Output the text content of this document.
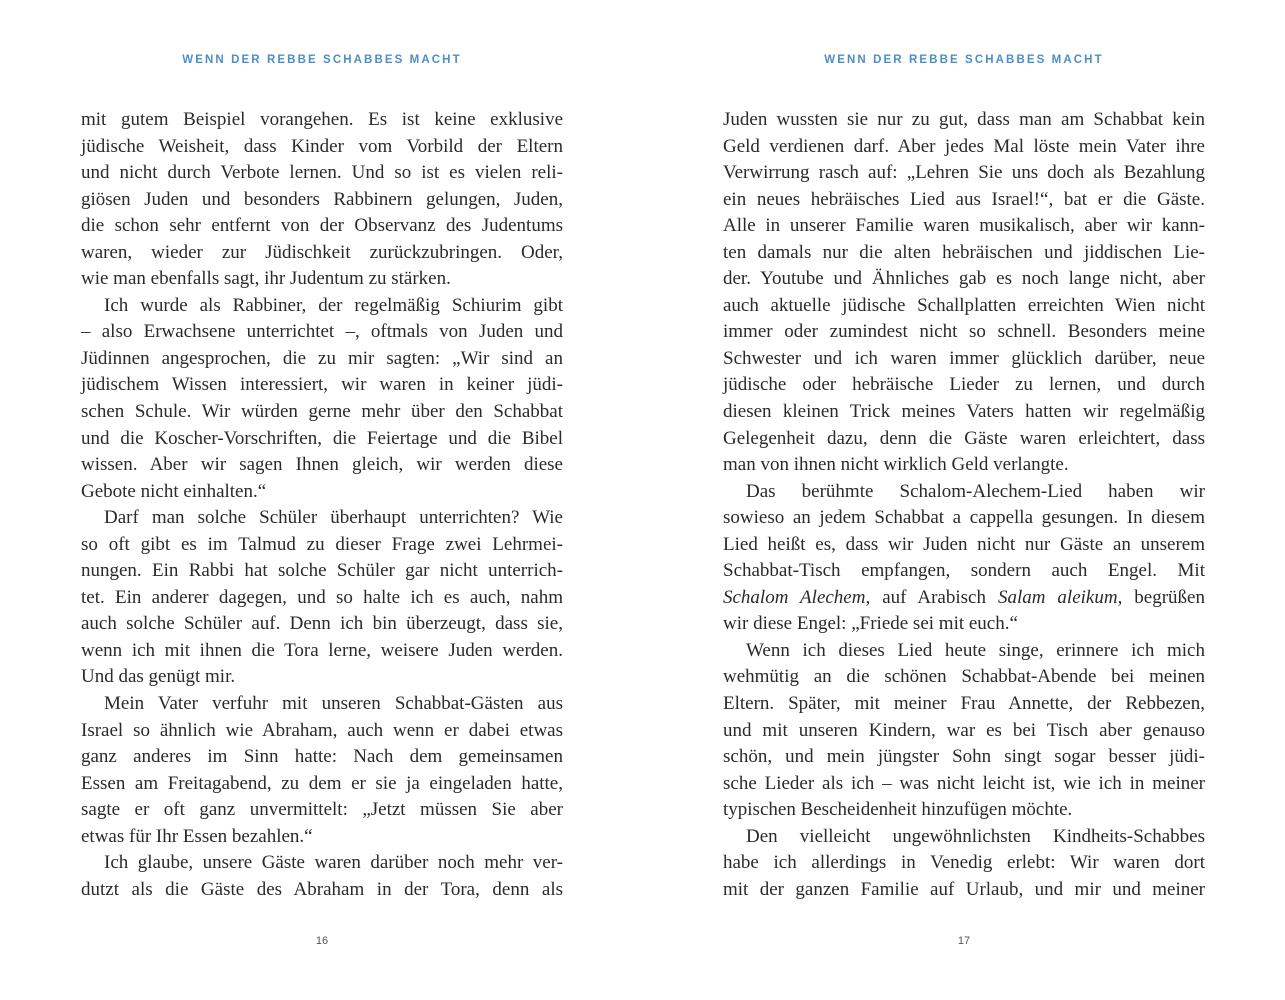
WENN DER REBBE SCHABBES MACHT
mit gutem Beispiel vorangehen. Es ist keine exklusive
jüdische Weisheit, dass Kinder vom Vorbild der Eltern
und nicht durch Verbote lernen. Und so ist es vielen reli-
giösen Juden und besonders Rabbinern gelungen, Juden,
die schon sehr entfernt von der Observanz des Judentums
waren, wieder zur Jüdischkeit zurückzubringen. Oder,
wie man ebenfalls sagt, ihr Judentum zu stärken.
Ich wurde als Rabbiner, der regelmäßig Schiurim gibt
– also Erwachsene unterrichtet –, oftmals von Juden und
Jüdinnen angesprochen, die zu mir sagten: „Wir sind an
jüdischem Wissen interessiert, wir waren in keiner jüdi-
schen Schule. Wir würden gerne mehr über den Schabbat
und die Koscher-Vorschriften, die Feiertage und die Bibel
wissen. Aber wir sagen Ihnen gleich, wir werden diese
Gebote nicht einhalten.“
Darf man solche Schüler überhaupt unterrichten? Wie
so oft gibt es im Talmud zu dieser Frage zwei Lehrmei-
nungen. Ein Rabbi hat solche Schüler gar nicht unterrich-
tet. Ein anderer dagegen, und so halte ich es auch, nahm
auch solche Schüler auf. Denn ich bin überzeugt, dass sie,
wenn ich mit ihnen die Tora lerne, weisere Juden werden.
Und das genügt mir.
Mein Vater verfuhr mit unseren Schabbat-Gästen aus
Israel so ähnlich wie Abraham, auch wenn er dabei etwas
ganz anderes im Sinn hatte: Nach dem gemeinsamen
Essen am Freitagabend, zu dem er sie ja eingeladen hatte,
sagte er oft ganz unvermittelt: „Jetzt müssen Sie aber
etwas für Ihr Essen bezahlen.“
Ich glaube, unsere Gäste waren darüber noch mehr ver-
dutzt als die Gäste des Abraham in der Tora, denn als
16
WENN DER REBBE SCHABBES MACHT
Juden wussten sie nur zu gut, dass man am Schabbat kein
Geld verdienen darf. Aber jedes Mal löste mein Vater ihre
Verwirrung rasch auf: „Lehren Sie uns doch als Bezahlung
ein neues hebräisches Lied aus Israel!“, bat er die Gäste.
Alle in unserer Familie waren musikalisch, aber wir kann-
ten damals nur die alten hebräischen und jiddischen Lie-
der. Youtube und Ähnliches gab es noch lange nicht, aber
auch aktuelle jüdische Schallplatten erreichten Wien nicht
immer oder zumindest nicht so schnell. Besonders meine
Schwester und ich waren immer glücklich darüber, neue
jüdische oder hebräische Lieder zu lernen, und durch
diesen kleinen Trick meines Vaters hatten wir regelmäßig
Gelegenheit dazu, denn die Gäste waren erleichtert, dass
man von ihnen nicht wirklich Geld verlangte.
Das berühmte Schalom-Alechem-Lied haben wir
sowieso an jedem Schabbat a cappella gesungen. In diesem
Lied heißt es, dass wir Juden nicht nur Gäste an unserem
Schabbat-Tisch empfangen, sondern auch Engel. Mit
Schalom Alechem, auf Arabisch Salam aleikum, begrüßen
wir diese Engel: „Friede sei mit euch.“
Wenn ich dieses Lied heute singe, erinnere ich mich
wehmütig an die schönen Schabbat-Abende bei meinen
Eltern. Später, mit meiner Frau Annette, der Rebbezen,
und mit unseren Kindern, war es bei Tisch aber genauso
schön, und mein jüngster Sohn singt sogar besser jüdi-
sche Lieder als ich – was nicht leicht ist, wie ich in meiner
typischen Bescheidenheit hinzufügen möchte.
Den vielleicht ungewöhnlichsten Kindheits-Schabbes
habe ich allerdings in Venedig erlebt: Wir waren dort
mit der ganzen Familie auf Urlaub, und mir und meiner
17
